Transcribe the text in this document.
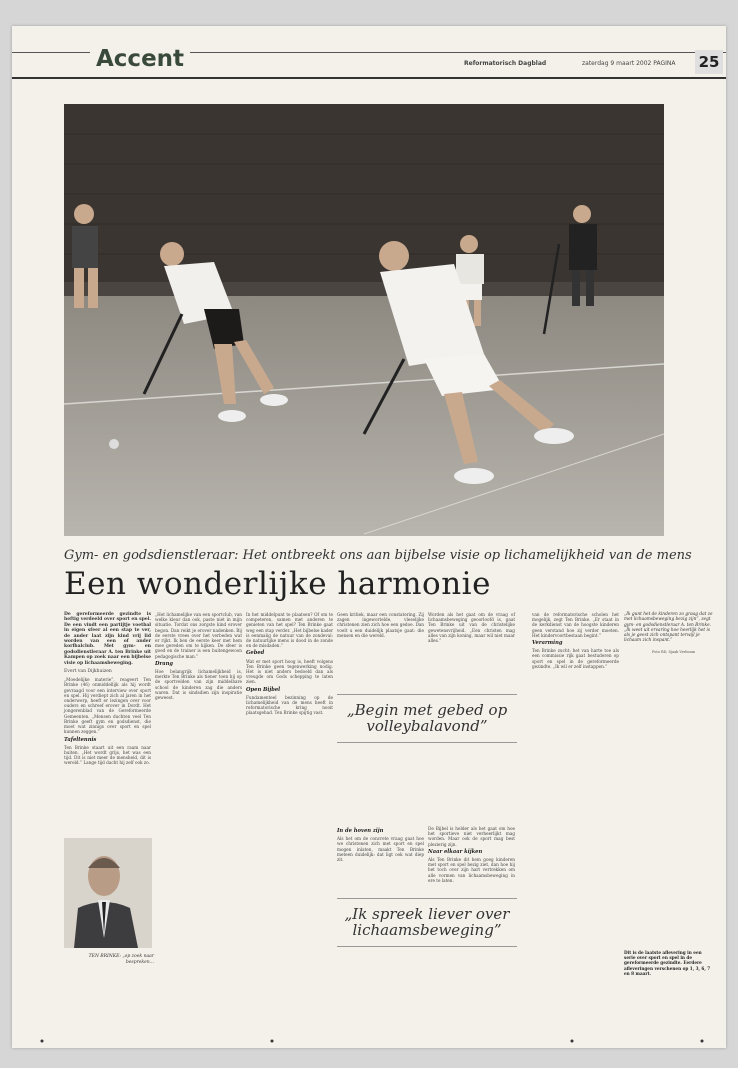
Accent	Reformatorisch Dagblad	zaterdag 9 maart 2002 PAGINA 25
Gym- en godsdienstleraar: Het ontbreekt ons aan bijbelse visie op lichamelijkheid van de mens
Een wonderlijke harmonie

De gereformeerde gezindte is heftig verdeeld over sport en spel. De een vindt een partijtje voetbal in eigen sfeer al een stap te ver, de ander laat zijn kind vrij lid worden van een of ander korfbalclub. Met gym- en godsdienstleraar A. ten Brinke uit Kampen op zoek naar een bijbelse visie op lichaamsbeweging.

Evert van Dijkhuizen

„Moedelijke materie”, reageert Ten Brinke (46) onmiddellijk als hij wordt gevraagd voor een interview over sport en spel. Hij verdiept zich al jaren in het onderwerp, heeft er lezingen over voor ouders en schreef erover in Dordt. Het jongerenblad van de Gereformeerde Gemeenten. „Mensen duchten veel Ten Brinke geeft gym en godsdienst, die moet wat zinnigs over sport en spel kunnen zeggen.”

Tafeltennis

Ten Brinke staart uit een raam naar buiten. „Het wordt grijs, het was een tijd. Dit is niet meer de mensheid, dit is wereld.” Lange tijd dacht hij zelf ook zo.

TEN BRINKE: „op zoek naar bespreken...

„Het lichamelijke van een sportclub, van welke kleur dan ook, paste niet in mijn situatie. Tordat ons zorgste kind erover begon. Dan reikt je erover nadenken. Bij de eerste vrees over het verbeden wat er rijkt. Ik ben de eerste keer met hem mee gereden om te kijken. De sfeer is goed en de trainer is een buitengewoon pedagogische man.”

Drang

Hoe belangrijk lichamelijkheid is, merkte Ten Brinke als tiener toen hij op de sportvelden van zijn middelbare school de kinderen zag die anders waren. Dat is sindsdien zijn inspiratie geweest.

In het middelpunt te plaatsen? Of om te competeren, samen met anderen te genieten van het spel? Ten Brinke gaat weg een stap verder. „Het bijbelse kader is eenmalig de natuur van de zondeval: de natuurlijke mens is dood in de zonde en de misdaden.”

Gebed

Wat er met sport hoog is, heeft volgens Ten Brinke geen tegenwerking nodig. Het is niet anders bedoeld dan als vreugde om Gods schepping te laten zien.

Open Bijbel

Fundamenteel bezinning op de lichamelijkheid van de mens heeft in reformatorische kring nooit plaatsgehad. Ten Brinke spijtig vast.

Geen kritiek, maar een constatering. Zij zagen ingewortelde, vleselijke christenen zien zich hoe een gedoe. Dan voelt u een duidelijk plaatsje gaat: die mensen en die wereld.

In de hoven zijn

Als het om de concrete vraag gaat hoe we christenen zich met sport en spel mogen inlaten, maakt Ten Brinke meteen duidelijk: dat ligt ook wat diep zit.

Worden als het gaat om de vraag of lichaamsbeweging geoorloofd is, gaat Ten Brinke uit van de christelijke gewetensvrijheid. „Een christen mag alles van zijn koning, maar wil niet maar alles.”

De Bijbel is helder als het gaat om hoe het sportieve niet verheerlijkt mag worden. Maar ook de sport mag best plezierig zijn.

Naar elkaar kijken

Als Ten Brinke dit hem goeg kinderen met sport en spel bezig ziet, dan hoe hij het toch over zijn hart vertrekken om alle vormen van lichaamsbeweging in ere te laten.

„Begin met gebed op volleybalavond”
„Ik spreek liever over lichaamsbeweging”

van de reformatorische scholen het mogelijk, zegt Ten Brinke. „Er staat in de kerkdienst van de hoogste kinderen geen verstand hoe zij verder moeten. Het kindervoortbestaan begint.”

Verarming

Ten Brinke zucht: het van harte toe als een commissie rijk gaat bestuderen op sport en spel in de gereformeerde gezindte. „Ik wil er zelf instappen.”

„Ik gunt het de kinderen zo graag dat ze met lichaamsbeweging bezig zijn”, zegt gym- en godsdienstleraar A. ten Brinke. „Ik weet uit ervaring hoe heerlijk het is als je geest zich ontspant terwijl je lichaam zich inspant.”
Foto RD, Sjaak Verboom
Dit is de laatste aflevering in een serie over sport en spel in de gereformeerde gezindte. Eerdere afleveringen verschenen op 1, 3, 6, 7 en 8 maart.
